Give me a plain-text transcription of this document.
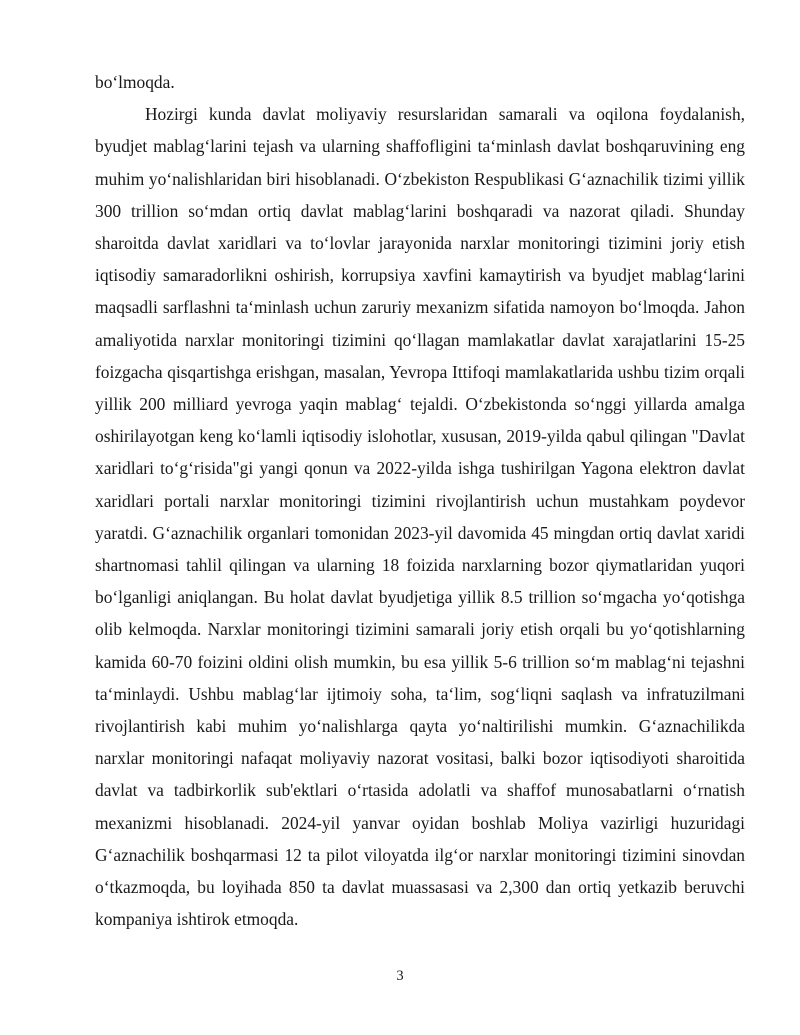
boʻlmoqda.

Hozirgi kunda davlat moliyaviy resurslaridan samarali va oqilona foydalanish, byudjet mablagʻlarini tejash va ularning shaffofligini taʻminlash davlat boshqaruvining eng muhim yoʻnalishlaridan biri hisoblanadi. Oʻzbekiston Respublikasi Gʻaznachilik tizimi yillik 300 trillion soʻmdan ortiq davlat mablagʻlarini boshqaradi va nazorat qiladi. Shunday sharoitda davlat xaridlari va toʻlovlar jarayonida narxlar monitoringi tizimini joriy etish iqtisodiy samaradorlikni oshirish, korrupsiya xavfini kamaytirish va byudjet mablagʻlarini maqsadli sarflashni taʻminlash uchun zaruriy mexanizm sifatida namoyon boʻlmoqda. Jahon amaliyotida narxlar monitoringi tizimini qoʻllagan mamlakatlar davlat xarajatlarini 15-25 foizgacha qisqartishga erishgan, masalan, Yevropa Ittifoqi mamlakatlarida ushbu tizim orqali yillik 200 milliard yevroga yaqin mablagʻ tejaldi. Oʻzbekistonda soʻnggi yillarda amalga oshirilayotgan keng koʻlamli iqtisodiy islohotlar, xususan, 2019-yilda qabul qilingan "Davlat xaridlari toʻgʻrisida"gi yangi qonun va 2022-yilda ishga tushirilgan Yagona elektron davlat xaridlari portali narxlar monitoringi tizimini rivojlantirish uchun mustahkam poydevor yaratdi. Gʻaznachilik organlari tomonidan 2023-yil davomida 45 mingdan ortiq davlat xaridi shartnomasi tahlil qilingan va ularning 18 foizida narxlarning bozor qiymatlaridan yuqori boʻlganligi aniqlangan. Bu holat davlat byudjetiga yillik 8.5 trillion soʻmgacha yoʻqotishga olib kelmoqda. Narxlar monitoringi tizimini samarali joriy etish orqali bu yoʻqotishlarning kamida 60-70 foizini oldini olish mumkin, bu esa yillik 5-6 trillion soʻm mablagʻni tejashni taʻminlaydi. Ushbu mablagʻlar ijtimoiy soha, taʻlim, sogʻliqni saqlash va infratuzilmani rivojlantirish kabi muhim yoʻnalishlarga qayta yoʻnaltirilishi mumkin. Gʻaznachilikda narxlar monitoringi nafaqat moliyaviy nazorat vositasi, balki bozor iqtisodiyoti sharoitida davlat va tadbirkorlik sub'ektlari oʻrtasida adolatli va shaffof munosabatlarni oʻrnatish mexanizmi hisoblanadi. 2024-yil yanvar oyidan boshlab Moliya vazirligi huzuridagi Gʻaznachilik boshqarmasi 12 ta pilot viloyatda ilgʻor narxlar monitoringi tizimini sinovdan oʻtkazmoqda, bu loyihada 850 ta davlat muassasasi va 2,300 dan ortiq yetkazib beruvchi kompaniya ishtirok etmoqda.

3
